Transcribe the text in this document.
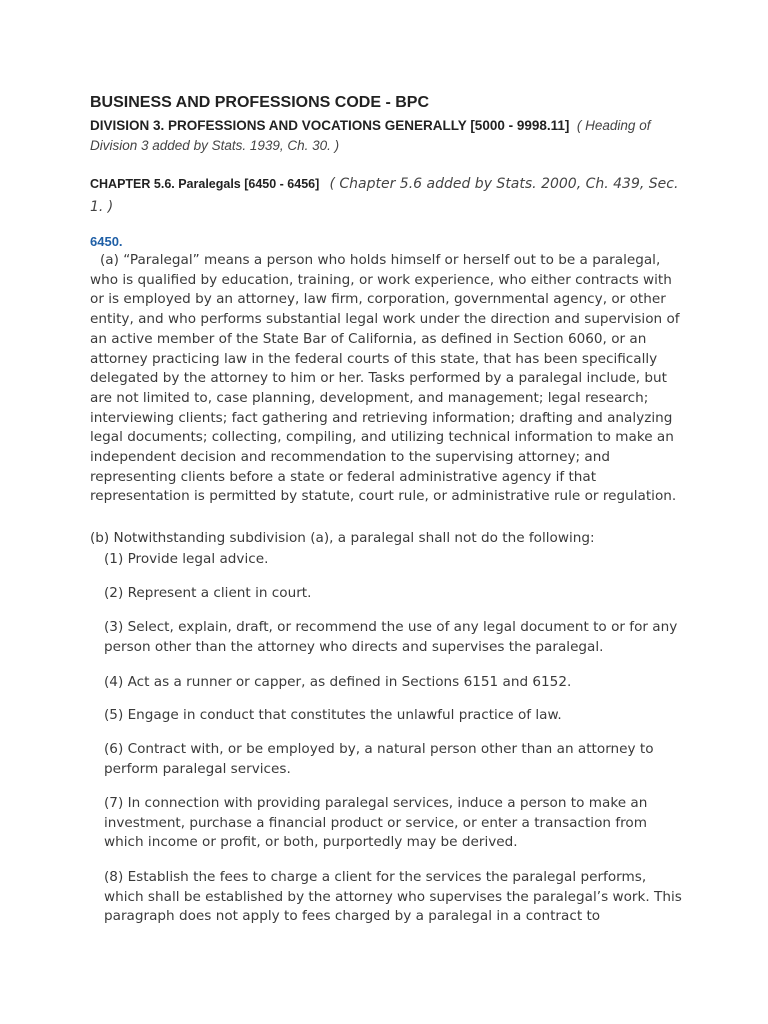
BUSINESS AND PROFESSIONS CODE - BPC

DIVISION 3. PROFESSIONS AND VOCATIONS GENERALLY [5000 - 9998.11] ( Heading of Division 3 added by Stats. 1939, Ch. 30. )

CHAPTER 5.6. Paralegals [6450 - 6456] ( Chapter 5.6 added by Stats. 2000, Ch. 439, Sec. 1. )

6450.

(a) “Paralegal” means a person who holds himself or herself out to be a paralegal, who is qualified by education, training, or work experience, who either contracts with or is employed by an attorney, law firm, corporation, governmental agency, or other entity, and who performs substantial legal work under the direction and supervision of an active member of the State Bar of California, as defined in Section 6060, or an attorney practicing law in the federal courts of this state, that has been specifically delegated by the attorney to him or her. Tasks performed by a paralegal include, but are not limited to, case planning, development, and management; legal research; interviewing clients; fact gathering and retrieving information; drafting and analyzing legal documents; collecting, compiling, and utilizing technical information to make an independent decision and recommendation to the supervising attorney; and representing clients before a state or federal administrative agency if that representation is permitted by statute, court rule, or administrative rule or regulation.

(b) Notwithstanding subdivision (a), a paralegal shall not do the following:

(1) Provide legal advice.

(2) Represent a client in court.

(3) Select, explain, draft, or recommend the use of any legal document to or for any person other than the attorney who directs and supervises the paralegal.

(4) Act as a runner or capper, as defined in Sections 6151 and 6152.

(5) Engage in conduct that constitutes the unlawful practice of law.

(6) Contract with, or be employed by, a natural person other than an attorney to perform paralegal services.

(7) In connection with providing paralegal services, induce a person to make an investment, purchase a financial product or service, or enter a transaction from which income or profit, or both, purportedly may be derived.

(8) Establish the fees to charge a client for the services the paralegal performs, which shall be established by the attorney who supervises the paralegal’s work. This paragraph does not apply to fees charged by a paralegal in a contract to
